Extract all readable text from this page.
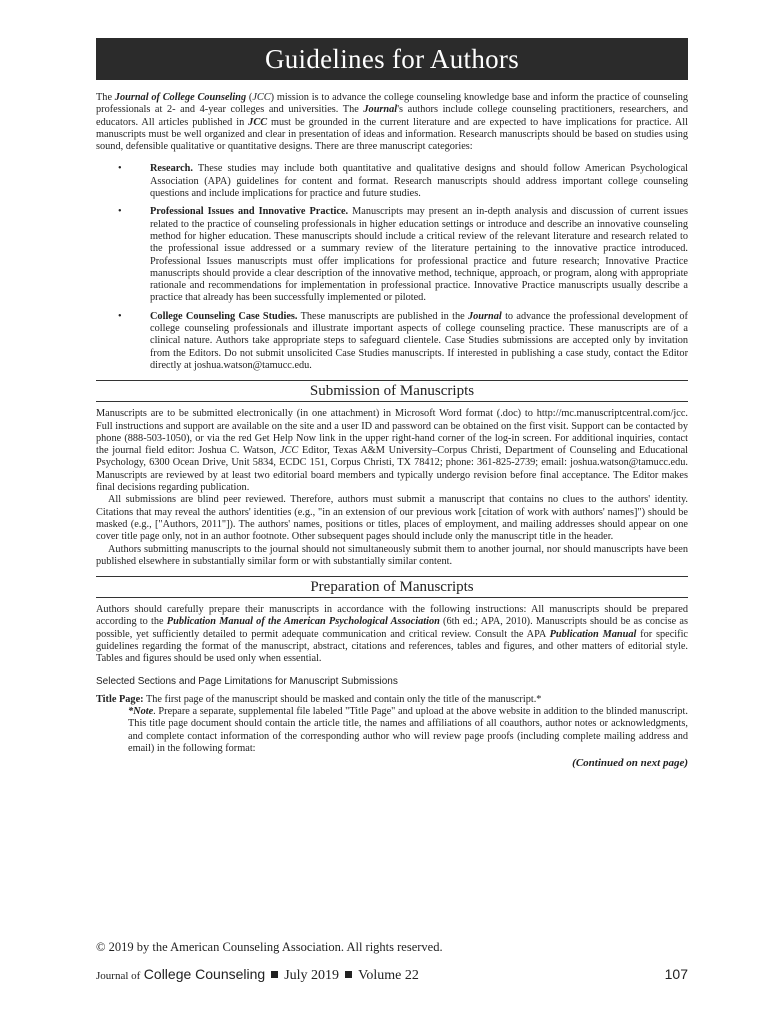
Guidelines for Authors

The Journal of College Counseling (JCC) mission is to advance the college counseling knowledge base and inform the practice of counseling professionals at 2- and 4-year colleges and universities. The Journal's authors include college counseling practitioners, researchers, and educators. All articles published in JCC must be grounded in the current literature and are expected to have implications for practice. All manuscripts must be well organized and clear in presentation of ideas and information. Research manuscripts should be based on studies using sound, defensible qualitative or quantitative designs. There are three manuscript categories:

•	Research. These studies may include both quantitative and qualitative designs and should follow American Psychological Association (APA) guidelines for content and format. Research manuscripts should address important college counseling questions and include implications for practice and future studies.
•	Professional Issues and Innovative Practice. Manuscripts may present an in-depth analysis and discussion of current issues related to the practice of counseling professionals in higher education settings or introduce and describe an innovative counseling method for higher education. These manuscripts should include a critical review of the relevant literature and research related to the professional issue addressed or a summary review of the literature pertaining to the innovative practice introduced. Professional Issues manuscripts must offer implications for professional practice and future research; Innovative Practice manuscripts should provide a clear description of the innovative method, technique, approach, or program, along with appropriate rationale and recommendations for implementation in professional practice. Innovative Practice manuscripts usually describe a practice that already has been successfully implemented or piloted.
•	College Counseling Case Studies. These manuscripts are published in the Journal to advance the professional development of college counseling professionals and illustrate important aspects of college counseling practice. These manuscripts are of a clinical nature. Authors take appropriate steps to safeguard clientele. Case Studies submissions are accepted only by invitation from the Editors. Do not submit unsolicited Case Studies manuscripts. If interested in publishing a case study, contact the Editor directly at joshua.watson@tamucc.edu.
Submission of Manuscripts

Manuscripts are to be submitted electronically (in one attachment) in Microsoft Word format (.doc) to http://mc.manuscriptcentral.com/jcc. Full instructions and support are available on the site and a user ID and password can be obtained on the first visit. Support can be contacted by phone (888-503-1050), or via the red Get Help Now link in the upper right-hand corner of the log-in screen. For additional inquiries, contact the journal field editor: Joshua C. Watson, JCC Editor, Texas A&M University–Corpus Christi, Department of Counseling and Educational Psychology, 6300 Ocean Drive, Unit 5834, ECDC 151, Corpus Christi, TX 78412; phone: 361-825-2739; email: joshua.watson@tamucc.edu. Manuscripts are reviewed by at least two editorial board members and typically undergo revision before final acceptance. The Editor makes final decisions regarding publication.

All submissions are blind peer reviewed. Therefore, authors must submit a manuscript that contains no clues to the authors' identity. Citations that may reveal the authors' identities (e.g., "in an extension of our previous work [citation of work with authors' names]") should be masked (e.g., ["Authors, 2011"]). The authors' names, positions or titles, places of employment, and mailing addresses should appear on one cover title page only, not in an author footnote. Other subsequent pages should include only the manuscript title in the header.

Authors submitting manuscripts to the journal should not simultaneously submit them to another journal, nor should manuscripts have been published elsewhere in substantially similar form or with substantially similar content.

Preparation of Manuscripts

Authors should carefully prepare their manuscripts in accordance with the following instructions: All manuscripts should be prepared according to the Publication Manual of the American Psychological Association (6th ed.; APA, 2010). Manuscripts should be as concise as possible, yet sufficiently detailed to permit adequate communication and critical review. Consult the APA Publication Manual for specific guidelines regarding the format of the manuscript, abstract, citations and references, tables and figures, and other matters of editorial style. Tables and figures should be used only when essential.

Selected Sections and Page Limitations for Manuscript Submissions

Title Page: The first page of the manuscript should be masked and contain only the title of the manuscript.*

*Note. Prepare a separate, supplemental file labeled "Title Page" and upload at the above website in addition to the blinded manuscript. This title page document should contain the article title, the names and affiliations of all coauthors, author notes or acknowledgments, and complete contact information of the corresponding author who will review page proofs (including complete mailing address and email) in the following format:

(Continued on next page)
© 2019 by the American Counseling Association. All rights reserved.
Journal of College Counseling July 2019 Volume 22	107
